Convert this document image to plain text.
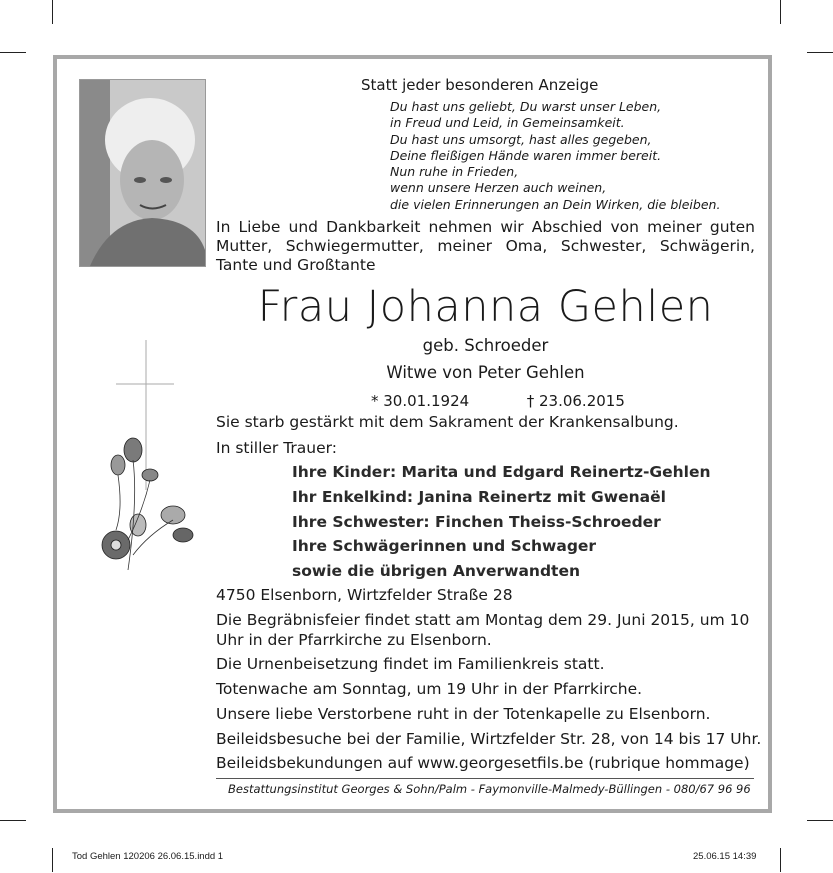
Statt jeder besonderen Anzeige
Du hast uns geliebt, Du warst unser Leben,
in Freud und Leid, in Gemeinsamkeit.
Du hast uns umsorgt, hast alles gegeben,
Deine fleißigen Hände waren immer bereit.
Nun ruhe in Frieden,
wenn unsere Herzen auch weinen,
die vielen Erinnerungen an Dein Wirken, die bleiben.
In Liebe und Dankbarkeit nehmen wir Abschied von meiner guten Mutter, Schwiegermutter, meiner Oma, Schwester, Schwägerin, Tante und Großtante
Frau Johanna Gehlen
geb. Schroeder
Witwe von Peter Gehlen
* 30.01.1924	† 23.06.2015
Sie starb gestärkt mit dem Sakrament der Krankensalbung.
In stiller Trauer:
Ihre Kinder: Marita und Edgard Reinertz-Gehlen
Ihr Enkelkind: Janina Reinertz mit Gwenaël
Ihre Schwester: Finchen Theiss-Schroeder
Ihre Schwägerinnen und Schwager
sowie die übrigen Anverwandten
4750 Elsenborn, Wirtzfelder Straße 28
Die Begräbnisfeier findet statt am Montag dem 29. Juni 2015, um 10
Uhr in der Pfarrkirche zu Elsenborn.
Die Urnenbeisetzung findet im Familienkreis statt.
Totenwache am Sonntag, um 19 Uhr in der Pfarrkirche.
Unsere liebe Verstorbene ruht in der Totenkapelle zu Elsenborn.
Beileidsbesuche bei der Familie, Wirtzfelder Str. 28, von 14 bis 17 Uhr.
Beileidsbekundungen auf www.georgesetfils.be (rubrique hommage)
Bestattungsinstitut Georges & Sohn/Palm - Faymonville-Malmedy-Büllingen - 080/67 96 96
Tod Gehlen 120206 26.06.15.indd 1	25.06.15 14:39
